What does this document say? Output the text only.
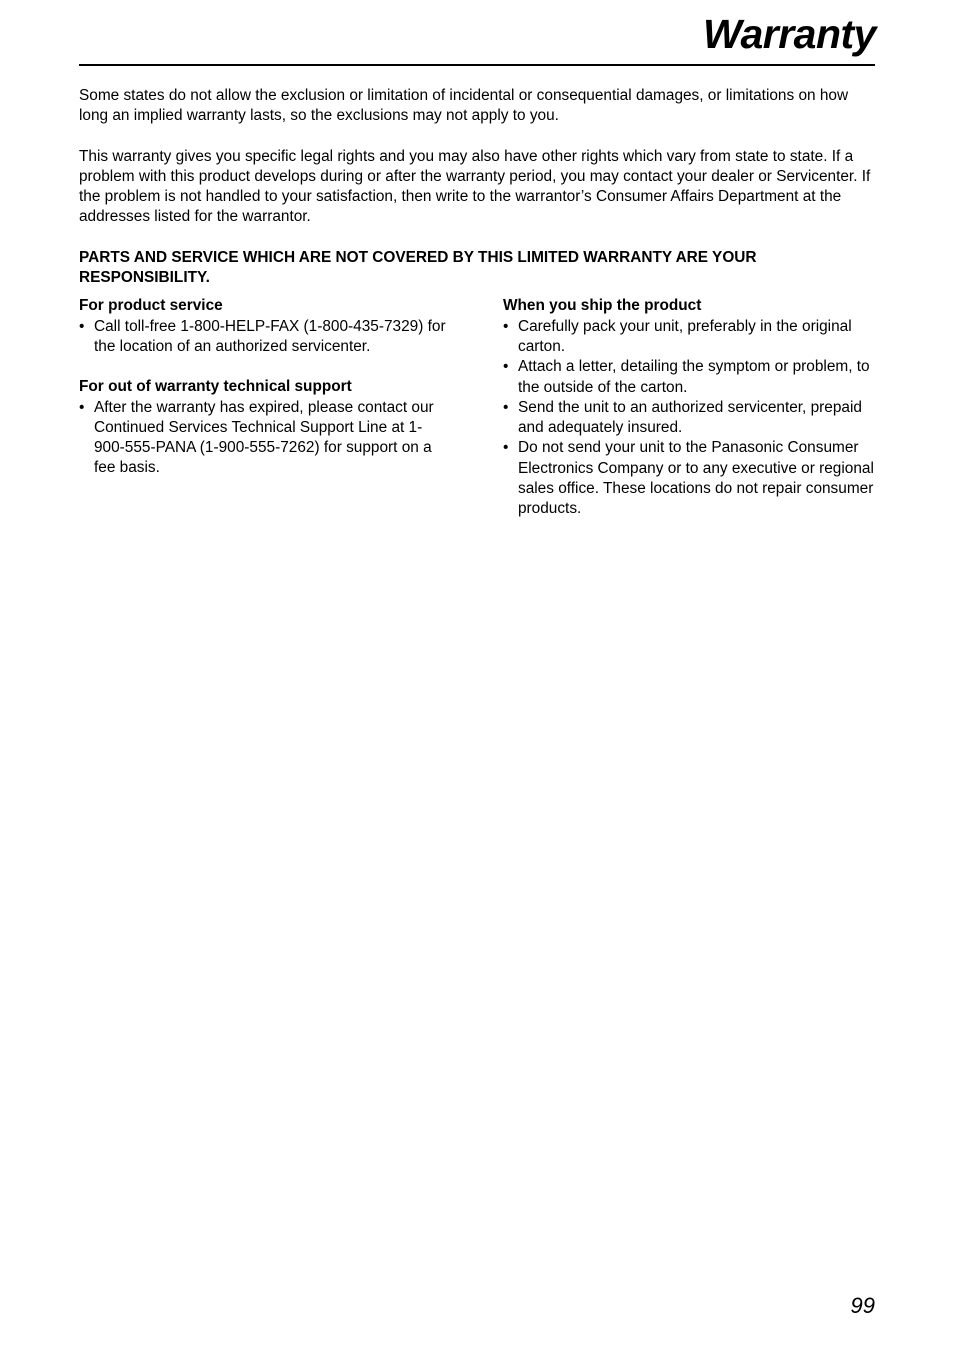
Warranty

Some states do not allow the exclusion or limitation of incidental or consequential damages, or limitations on how long an implied warranty lasts, so the exclusions may not apply to you.

This warranty gives you specific legal rights and you may also have other rights which vary from state to state. If a problem with this product develops during or after the warranty period, you may contact your dealer or Servicenter. If the problem is not handled to your satisfaction, then write to the warrantor’s Consumer Affairs Department at the addresses listed for the warrantor.

PARTS AND SERVICE WHICH ARE NOT COVERED BY THIS LIMITED WARRANTY ARE YOUR RESPONSIBILITY.

For product service

• Call toll-free 1-800-HELP-FAX (1-800-435-7329) for the location of an authorized servicenter.

For out of warranty technical support

• After the warranty has expired, please contact our Continued Services Technical Support Line at 1-900-555-PANA (1-900-555-7262) for support on a fee basis.

When you ship the product

• Carefully pack your unit, preferably in the original carton.
• Attach a letter, detailing the symptom or problem, to the outside of the carton.
• Send the unit to an authorized servicenter, prepaid and adequately insured.
• Do not send your unit to the Panasonic Consumer Electronics Company or to any executive or regional sales office. These locations do not repair consumer products.

99
